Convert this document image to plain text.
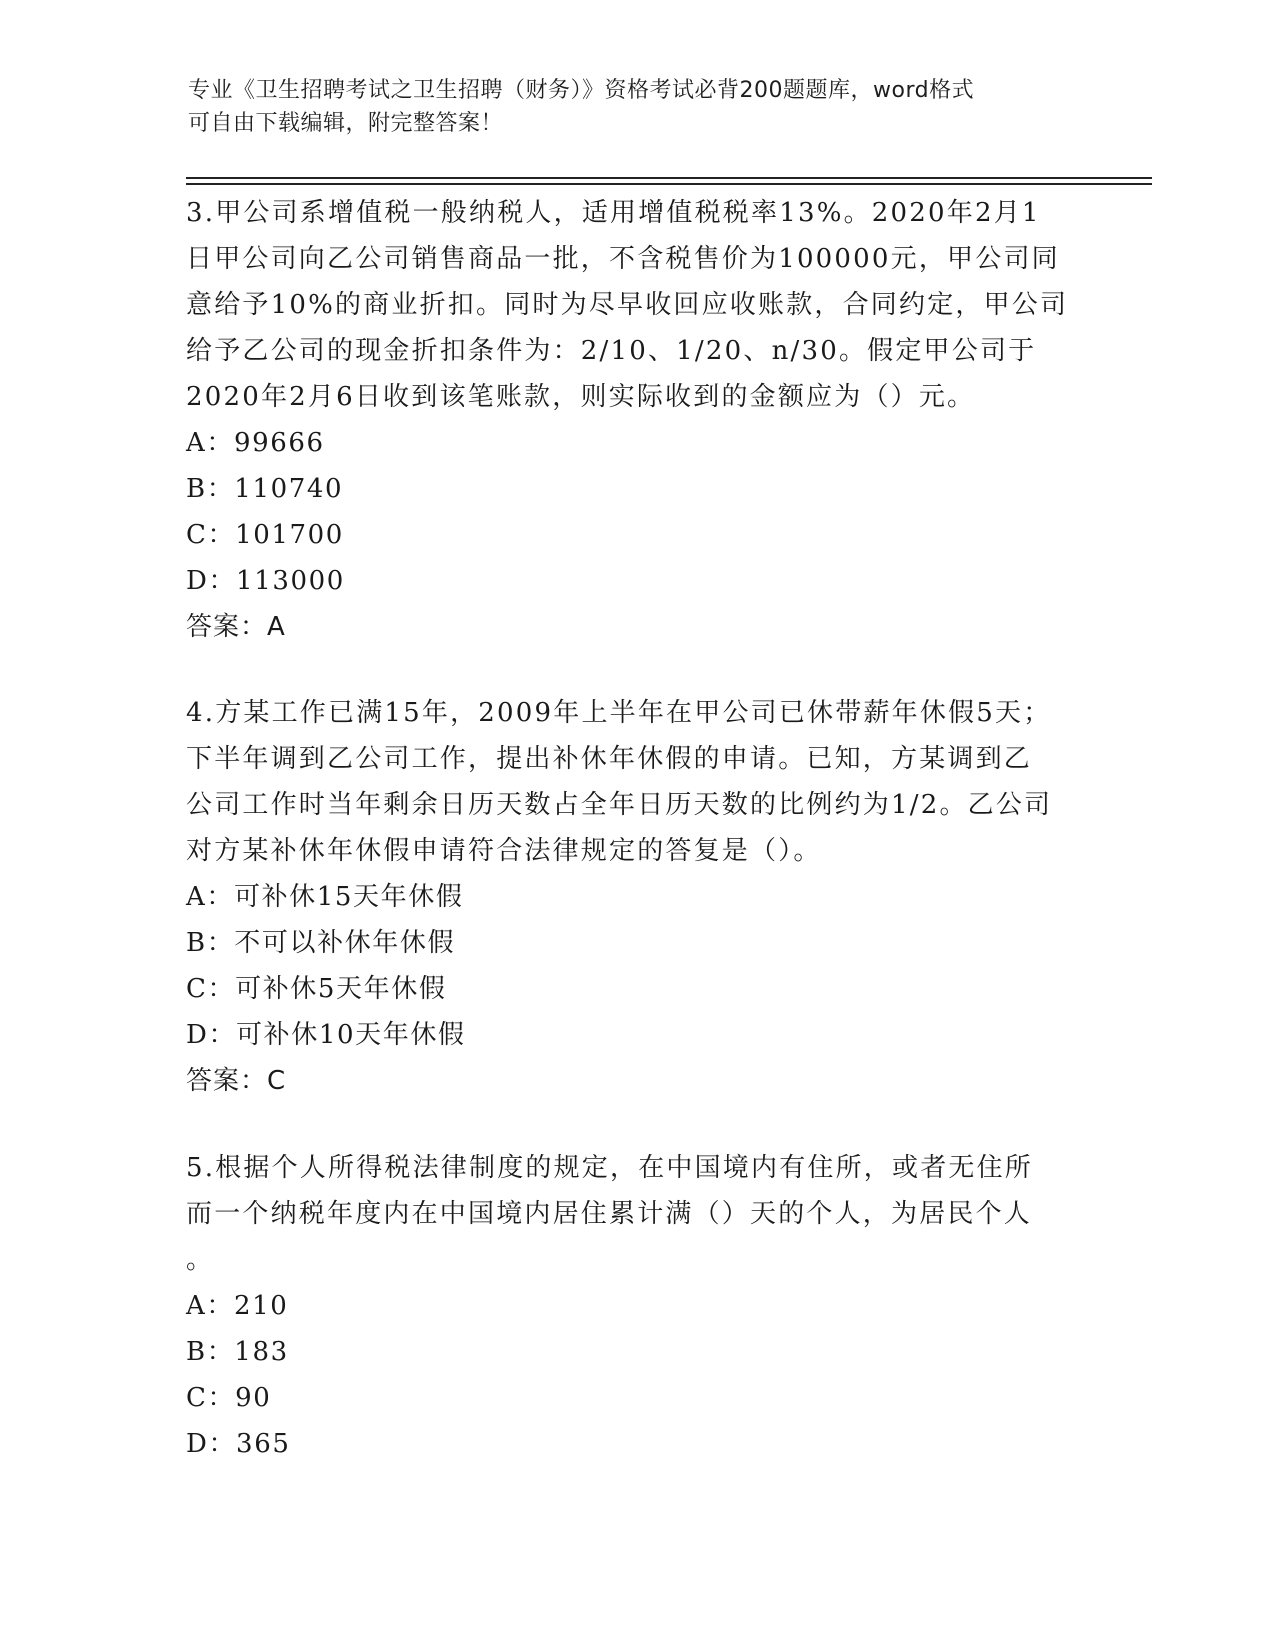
专业《卫生招聘考试之卫生招聘（财务）》资格考试必背200题题库，word格式
可自由下载编辑，附完整答案！
3.甲公司系增值税一般纳税人，适用增值税税率13%。2020年2月1
日甲公司向乙公司销售商品一批，不含税售价为100000元，甲公司同
意给予10%的商业折扣。同时为尽早收回应收账款，合同约定，甲公司
给予乙公司的现金折扣条件为：2/10、1/20、n/30。假定甲公司于
2020年2月6日收到该笔账款，则实际收到的金额应为（）元。
A：99666
B：110740
C：101700
D：113000
答案：A
4.方某工作已满15年，2009年上半年在甲公司已休带薪年休假5天；
下半年调到乙公司工作，提出补休年休假的申请。已知，方某调到乙
公司工作时当年剩余日历天数占全年日历天数的比例约为1/2。乙公司
对方某补休年休假申请符合法律规定的答复是（）。
A：可补休15天年休假
B：不可以补休年休假
C：可补休5天年休假
D：可补休10天年休假
答案：C
5.根据个人所得税法律制度的规定，在中国境内有住所，或者无住所
而一个纳税年度内在中国境内居住累计满（）天的个人，为居民个人
。
A：210
B：183
C：90
D：365
